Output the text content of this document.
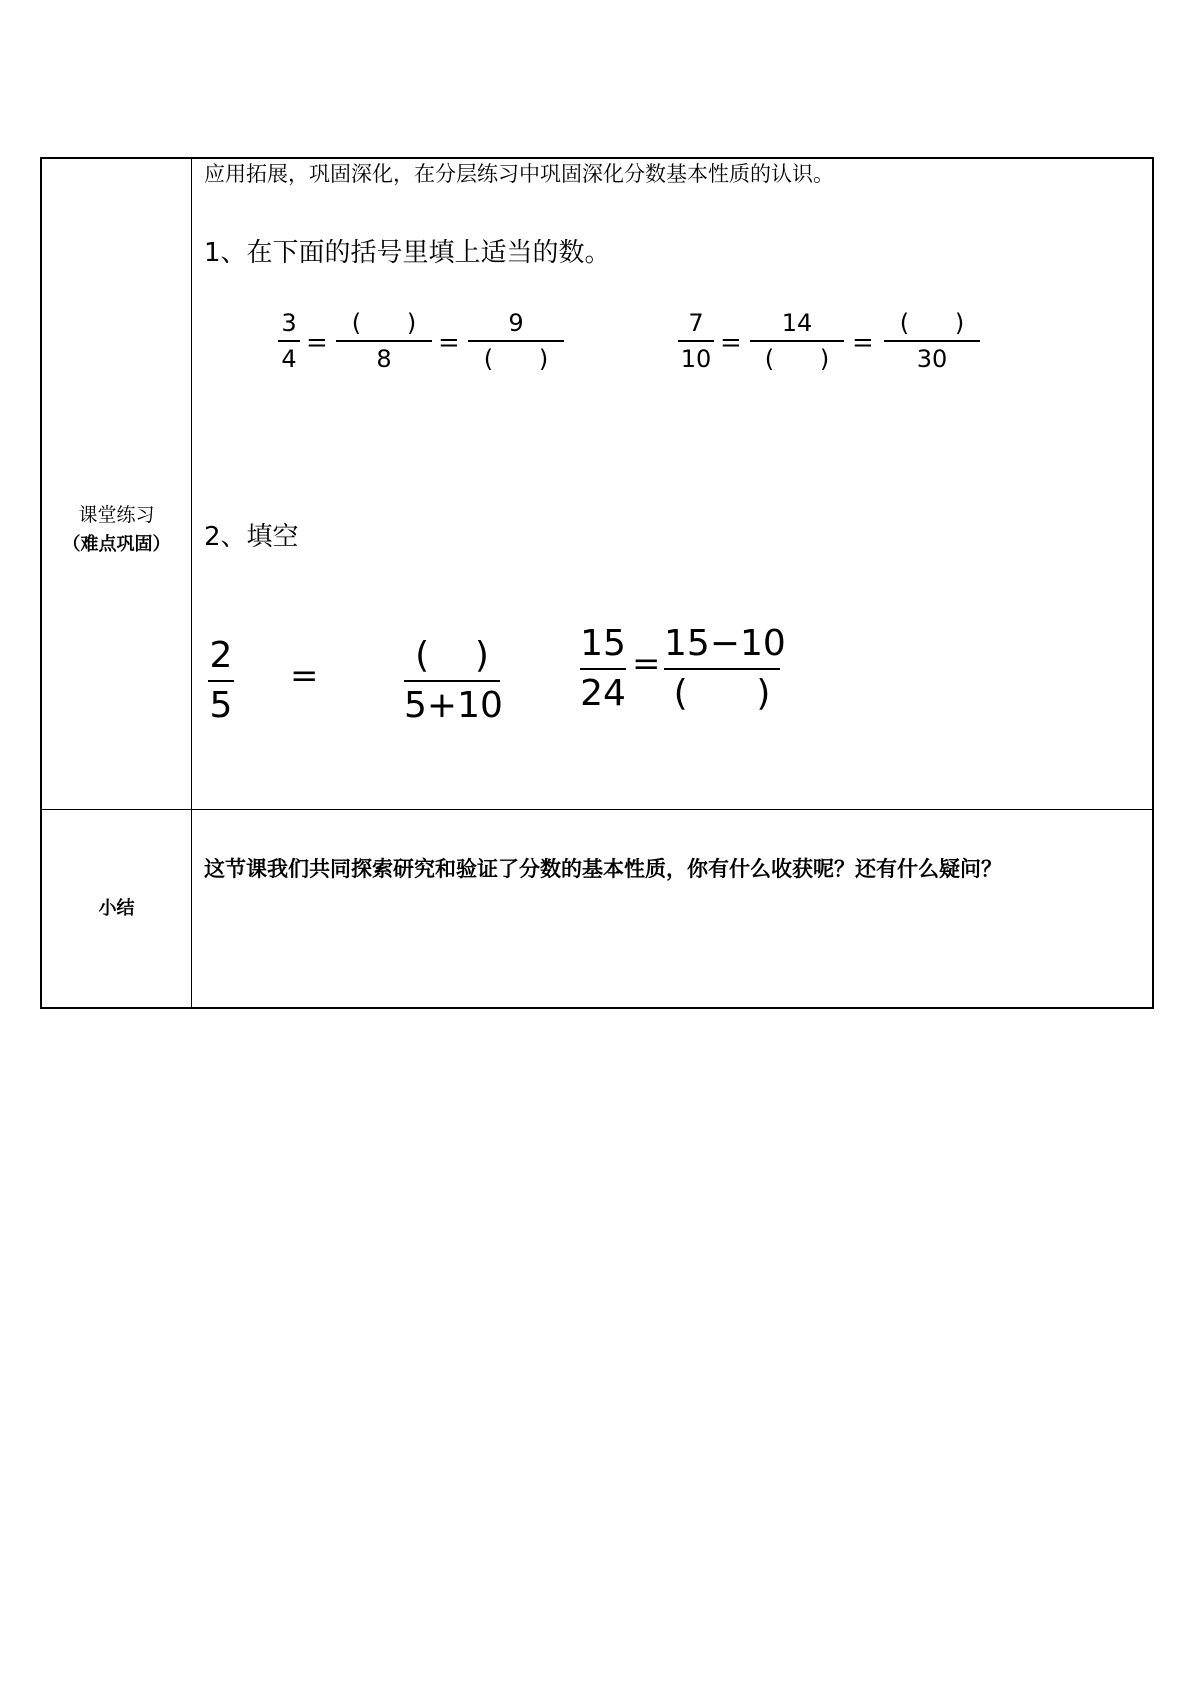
课堂练习
（难点巩固）
应用拓展，巩固深化，在分层练习中巩固深化分数基本性质的认识。
1、在下面的括号里填上适当的数。
3
4
=
(      )
8
=
9
(      )
7
10
=
14
(      )
=
(      )
30
2、填空
2
5
=	(    )
5+10
15
24
= 15−10
(      )
小结
这节课我们共同探索研究和验证了分数的基本性质，你有什么收获呢？还有什么疑问？
